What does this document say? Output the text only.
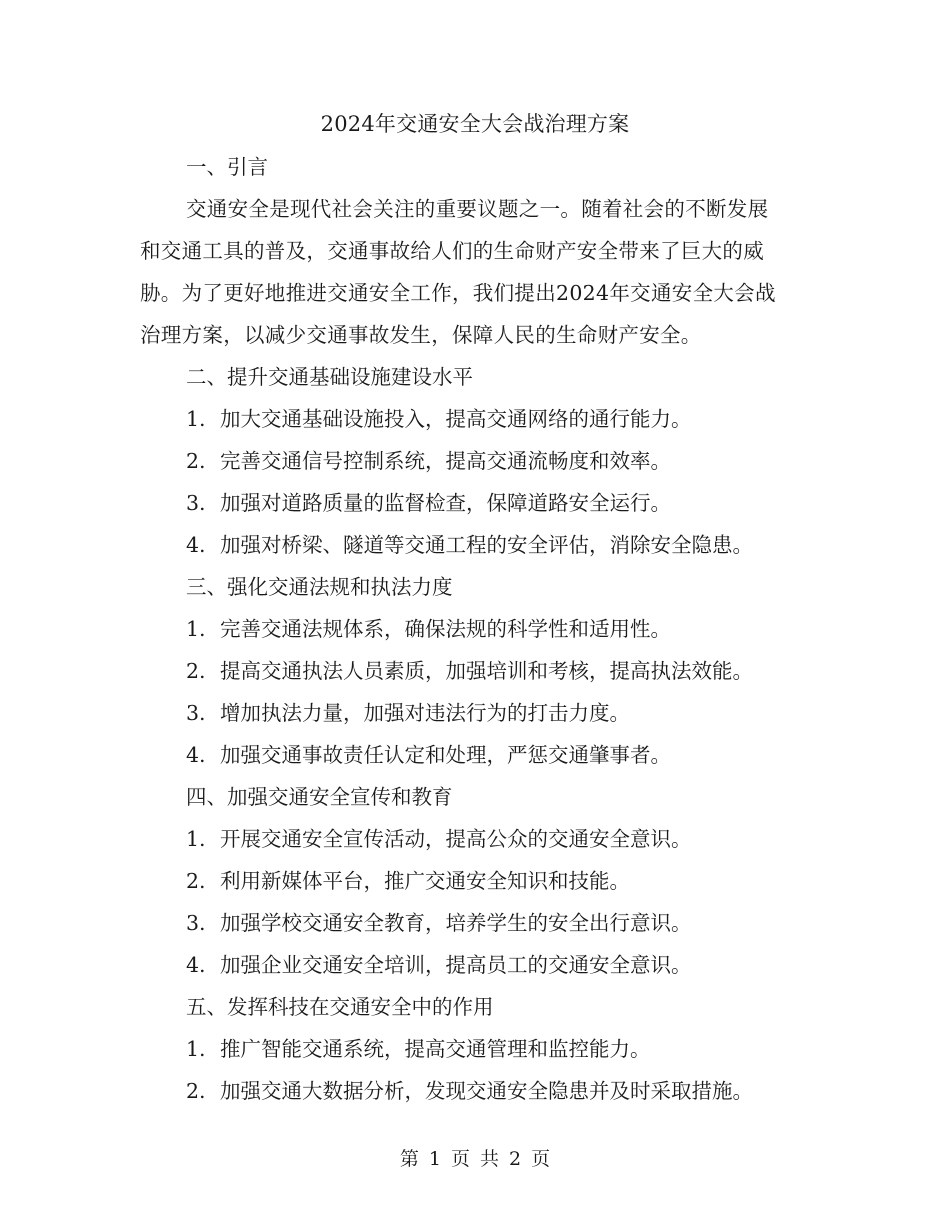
2024年交通安全大会战治理方案
一、引言
交通安全是现代社会关注的重要议题之一。随着社会的不断发展
和交通工具的普及，交通事故给人们的生命财产安全带来了巨大的威
胁。为了更好地推进交通安全工作，我们提出2024年交通安全大会战
治理方案，以减少交通事故发生，保障人民的生命财产安全。
二、提升交通基础设施建设水平
1. 加大交通基础设施投入，提高交通网络的通行能力。
2. 完善交通信号控制系统，提高交通流畅度和效率。
3. 加强对道路质量的监督检查，保障道路安全运行。
4. 加强对桥梁、隧道等交通工程的安全评估，消除安全隐患。
三、强化交通法规和执法力度
1. 完善交通法规体系，确保法规的科学性和适用性。
2. 提高交通执法人员素质，加强培训和考核，提高执法效能。
3. 增加执法力量，加强对违法行为的打击力度。
4. 加强交通事故责任认定和处理，严惩交通肇事者。
四、加强交通安全宣传和教育
1. 开展交通安全宣传活动，提高公众的交通安全意识。
2. 利用新媒体平台，推广交通安全知识和技能。
3. 加强学校交通安全教育，培养学生的安全出行意识。
4. 加强企业交通安全培训，提高员工的交通安全意识。
五、发挥科技在交通安全中的作用
1. 推广智能交通系统，提高交通管理和监控能力。
2. 加强交通大数据分析，发现交通安全隐患并及时采取措施。
第 1 页 共 2 页
